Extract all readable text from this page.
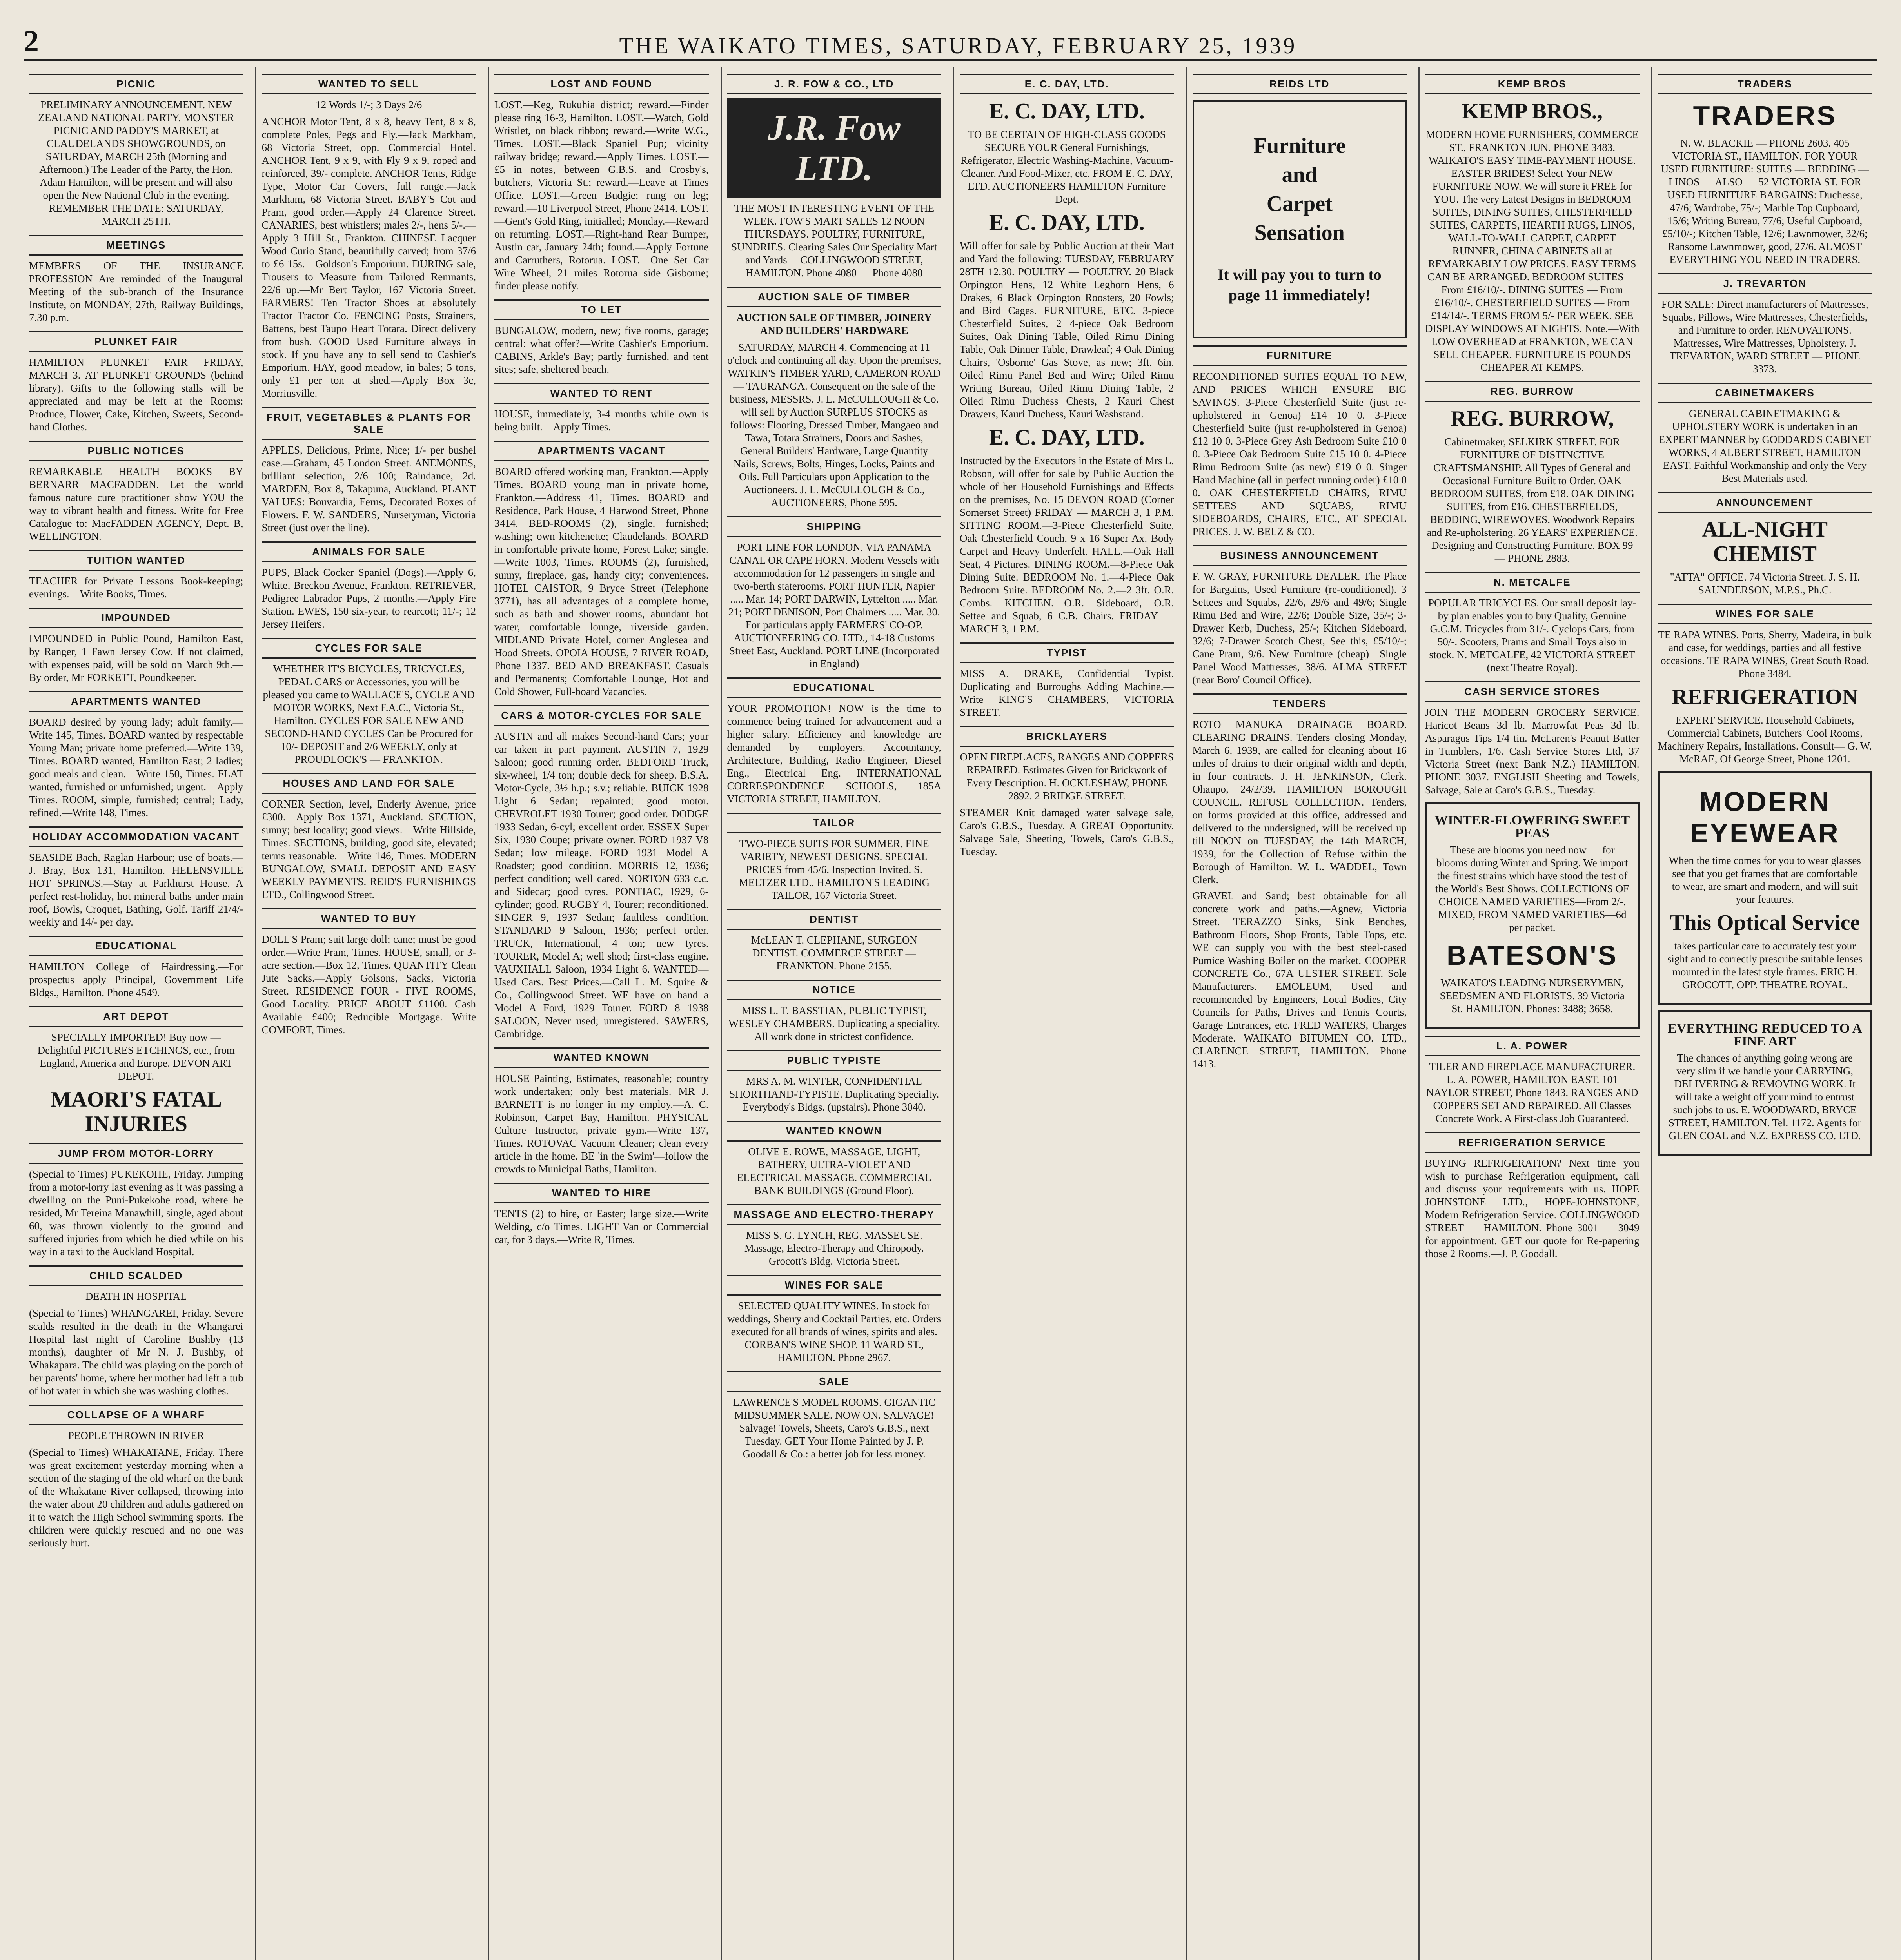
2	THE WAIKATO TIMES, SATURDAY, FEBRUARY 25, 1939
PICNIC

PRELIMINARY ANNOUNCEMENT. NEW ZEALAND NATIONAL PARTY. MONSTER PICNIC AND PADDY'S MARKET, at CLAUDELANDS SHOWGROUNDS, on SATURDAY, MARCH 25th (Morning and Afternoon.) The Leader of the Party, the Hon. Adam Hamilton, will be present and will also open the New National Club in the evening. REMEMBER THE DATE: SATURDAY, MARCH 25TH.

MEETINGS

MEMBERS OF THE INSURANCE PROFESSION Are reminded of the Inaugural Meeting of the sub-branch of the Insurance Institute, on MONDAY, 27th, Railway Buildings, 7.30 p.m.

PLUNKET FAIR

HAMILTON PLUNKET FAIR FRIDAY, MARCH 3. AT PLUNKET GROUNDS (behind library). Gifts to the following stalls will be appreciated and may be left at the Rooms: Produce, Flower, Cake, Kitchen, Sweets, Second-hand Clothes.

PUBLIC NOTICES

REMARKABLE HEALTH BOOKS BY BERNARR MACFADDEN. Let the world famous nature cure practitioner show YOU the way to vibrant health and fitness. Write for Free Catalogue to: MacFADDEN AGENCY, Dept. B, WELLINGTON.

TUITION WANTED

TEACHER for Private Lessons Book-keeping; evenings.—Write Books, Times.

IMPOUNDED

IMPOUNDED in Public Pound, Hamilton East, by Ranger, 1 Fawn Jersey Cow. If not claimed, with expenses paid, will be sold on March 9th.—By order, Mr FORKETT, Poundkeeper.

APARTMENTS WANTED

BOARD desired by young lady; adult family.—Write 145, Times. BOARD wanted by respectable Young Man; private home preferred.—Write 139, Times. BOARD wanted, Hamilton East; 2 ladies; good meals and clean.—Write 150, Times. FLAT wanted, furnished or unfurnished; urgent.—Apply Times. ROOM, simple, furnished; central; Lady, refined.—Write 148, Times.

HOLIDAY ACCOMMODATION VACANT

SEASIDE Bach, Raglan Harbour; use of boats.—J. Bray, Box 131, Hamilton. HELENSVILLE HOT SPRINGS.—Stay at Parkhurst House. A perfect rest-holiday, hot mineral baths under main roof, Bowls, Croquet, Bathing, Golf. Tariff 21/4/- weekly and 14/- per day.

EDUCATIONAL

HAMILTON College of Hairdressing.—For prospectus apply Principal, Government Life Bldgs., Hamilton. Phone 4549.

ART DEPOT

SPECIALLY IMPORTED! Buy now — Delightful PICTURES ETCHINGS, etc., from England, America and Europe. DEVON ART DEPOT.

MAORI'S FATAL INJURIES
JUMP FROM MOTOR-LORRY

(Special to Times) PUKEKOHE, Friday. Jumping from a motor-lorry last evening as it was passing a dwelling on the Puni-Pukekohe road, where he resided, Mr Tereina Manawhill, single, aged about 60, was thrown violently to the ground and suffered injuries from which he died while on his way in a taxi to the Auckland Hospital.

CHILD SCALDED
DEATH IN HOSPITAL

(Special to Times) WHANGAREI, Friday. Severe scalds resulted in the death in the Whangarei Hospital last night of Caroline Bushby (13 months), daughter of Mr N. J. Bushby, of Whakapara. The child was playing on the porch of her parents' home, where her mother had left a tub of hot water in which she was washing clothes.

COLLAPSE OF A WHARF
PEOPLE THROWN IN RIVER

(Special to Times) WHAKATANE, Friday. There was great excitement yesterday morning when a section of the staging of the old wharf on the bank of the Whakatane River collapsed, throwing into the water about 20 children and adults gathered on it to watch the High School swimming sports. The children were quickly rescued and no one was seriously hurt.

WANTED TO SELL
12 Words 1/-; 3 Days 2/6

ANCHOR Motor Tent, 8 x 8, heavy Tent, 8 x 8, complete Poles, Pegs and Fly.—Jack Markham, 68 Victoria Street, opp. Commercial Hotel. ANCHOR Tent, 9 x 9, with Fly 9 x 9, roped and reinforced, 39/- complete. ANCHOR Tents, Ridge Type, Motor Car Covers, full range.—Jack Markham, 68 Victoria Street. BABY'S Cot and Pram, good order.—Apply 24 Clarence Street. CANARIES, best whistlers; males 2/-, hens 5/-.—Apply 3 Hill St., Frankton. CHINESE Lacquer Wood Curio Stand, beautifully carved; from 37/6 to £6 15s.—Goldson's Emporium. DURING sale, Trousers to Measure from Tailored Remnants, 22/6 up.—Mr Bert Taylor, 167 Victoria Street. FARMERS! Ten Tractor Shoes at absolutely Tractor Tractor Co. FENCING Posts, Strainers, Battens, best Taupo Heart Totara. Direct delivery from bush. GOOD Used Furniture always in stock. If you have any to sell send to Cashier's Emporium. HAY, good meadow, in bales; 5 tons, only £1 per ton at shed.—Apply Box 3c, Morrinsville.

FRUIT, VEGETABLES & PLANTS FOR SALE

APPLES, Delicious, Prime, Nice; 1/- per bushel case.—Graham, 45 London Street. ANEMONES, brilliant selection, 2/6 100; Raindance, 2d. MARDEN, Box 8, Takapuna, Auckland. PLANT VALUES: Bouvardia, Ferns, Decorated Boxes of Flowers. F. W. SANDERS, Nurseryman, Victoria Street (just over the line).

ANIMALS FOR SALE

PUPS, Black Cocker Spaniel (Dogs).—Apply 6, White, Breckon Avenue, Frankton. RETRIEVER, Pedigree Labrador Pups, 2 months.—Apply Fire Station. EWES, 150 six-year, to rearcott; 11/-; 12 Jersey Heifers.

CYCLES FOR SALE

WHETHER IT'S BICYCLES, TRICYCLES, PEDAL CARS or Accessories, you will be pleased you came to WALLACE'S, CYCLE AND MOTOR WORKS, Next F.A.C., Victoria St., Hamilton. CYCLES FOR SALE NEW AND SECOND-HAND CYCLES Can be Procured for 10/- DEPOSIT and 2/6 WEEKLY, only at PROUDLOCK'S — FRANKTON.

HOUSES AND LAND FOR SALE

CORNER Section, level, Enderly Avenue, price £300.—Apply Box 1371, Auckland. SECTION, sunny; best locality; good views.—Write Hillside, Times. SECTIONS, building, good site, elevated; terms reasonable.—Write 146, Times. MODERN BUNGALOW, SMALL DEPOSIT AND EASY WEEKLY PAYMENTS. REID'S FURNISHINGS LTD., Collingwood Street.

WANTED TO BUY

DOLL'S Pram; suit large doll; cane; must be good order.—Write Pram, Times. HOUSE, small, or 3-acre section.—Box 12, Times. QUANTITY Clean Jute Sacks.—Apply Golsons, Sacks, Victoria Street. RESIDENCE FOUR - FIVE ROOMS, Good Locality. PRICE ABOUT £1100. Cash Available £400; Reducible Mortgage. Write COMFORT, Times.

LOST AND FOUND

LOST.—Keg, Rukuhia district; reward.—Finder please ring 16-3, Hamilton. LOST.—Watch, Gold Wristlet, on black ribbon; reward.—Write W.G., Times. LOST.—Black Spaniel Pup; vicinity railway bridge; reward.—Apply Times. LOST.—£5 in notes, between G.B.S. and Crosby's, butchers, Victoria St.; reward.—Leave at Times Office. LOST.—Green Budgie; rung on leg; reward.—10 Liverpool Street, Phone 2414. LOST.—Gent's Gold Ring, initialled; Monday.—Reward on returning. LOST.—Right-hand Rear Bumper, Austin car, January 24th; found.—Apply Fortune and Carruthers, Rotorua. LOST.—One Set Car Wire Wheel, 21 miles Rotorua side Gisborne; finder please notify.

TO LET

BUNGALOW, modern, new; five rooms, garage; central; what offer?—Write Cashier's Emporium. CABINS, Arkle's Bay; partly furnished, and tent sites; safe, sheltered beach.

WANTED TO RENT

HOUSE, immediately, 3-4 months while own is being built.—Apply Times.

APARTMENTS VACANT

BOARD offered working man, Frankton.—Apply Times. BOARD young man in private home, Frankton.—Address 41, Times. BOARD and Residence, Park House, 4 Harwood Street, Phone 3414. BED-ROOMS (2), single, furnished; washing; own kitchenette; Claudelands. BOARD in comfortable private home, Forest Lake; single.—Write 1003, Times. ROOMS (2), furnished, sunny, fireplace, gas, handy city; conveniences. HOTEL CAISTOR, 9 Bryce Street (Telephone 3771), has all advantages of a complete home, such as bath and shower rooms, abundant hot water, comfortable lounge, riverside garden. MIDLAND Private Hotel, corner Anglesea and Hood Streets. OPOIA HOUSE, 7 RIVER ROAD, Phone 1337. BED AND BREAKFAST. Casuals and Permanents; Comfortable Lounge, Hot and Cold Shower, Full-board Vacancies.

CARS & MOTOR-CYCLES FOR SALE

AUSTIN and all makes Second-hand Cars; your car taken in part payment. AUSTIN 7, 1929 Saloon; good running order. BEDFORD Truck, six-wheel, 1/4 ton; double deck for sheep. B.S.A. Motor-Cycle, 3½ h.p.; s.v.; reliable. BUICK 1928 Light 6 Sedan; repainted; good motor. CHEVROLET 1930 Tourer; good order. DODGE 1933 Sedan, 6-cyl; excellent order. ESSEX Super Six, 1930 Coupe; private owner. FORD 1937 V8 Sedan; low mileage. FORD 1931 Model A Roadster; good condition. MORRIS 12, 1936; perfect condition; well cared. NORTON 633 c.c. and Sidecar; good tyres. PONTIAC, 1929, 6-cylinder; good. RUGBY 4, Tourer; reconditioned. SINGER 9, 1937 Sedan; faultless condition. STANDARD 9 Saloon, 1936; perfect order. TRUCK, International, 4 ton; new tyres. TOURER, Model A; well shod; first-class engine. VAUXHALL Saloon, 1934 Light 6. WANTED—Used Cars. Best Prices.—Call L. M. Squire & Co., Collingwood Street. WE have on hand a Model A Ford, 1929 Tourer. FORD 8 1938 SALOON, Never used; unregistered. SAWERS, Cambridge.

WANTED KNOWN

HOUSE Painting, Estimates, reasonable; country work undertaken; only best materials. MR J. BARNETT is no longer in my employ.—A. C. Robinson, Carpet Bay, Hamilton. PHYSICAL Culture Instructor, private gym.—Write 137, Times. ROTOVAC Vacuum Cleaner; clean every article in the home. BE 'in the Swim'—follow the crowds to Municipal Baths, Hamilton.

WANTED TO HIRE

TENTS (2) to hire, or Easter; large size.—Write Welding, c/o Times. LIGHT Van or Commercial car, for 3 days.—Write R, Times.

J. R. FOW & CO., LTD
J.R. Fow LTD.

THE MOST INTERESTING EVENT OF THE WEEK. FOW'S MART SALES 12 NOON THURSDAYS. POULTRY, FURNITURE, SUNDRIES. Clearing Sales Our Speciality Mart and Yards— COLLINGWOOD STREET, HAMILTON. Phone 4080 — Phone 4080

AUCTION SALE OF TIMBER
AUCTION SALE OF TIMBER, JOINERY AND BUILDERS' HARDWARE

SATURDAY, MARCH 4, Commencing at 11 o'clock and continuing all day. Upon the premises, WATKIN'S TIMBER YARD, CAMERON ROAD — TAURANGA. Consequent on the sale of the business, MESSRS. J. L. McCULLOUGH & Co. will sell by Auction SURPLUS STOCKS as follows: Flooring, Dressed Timber, Mangaeo and Tawa, Totara Strainers, Doors and Sashes, General Builders' Hardware, Large Quantity Nails, Screws, Bolts, Hinges, Locks, Paints and Oils. Full Particulars upon Application to the Auctioneers. J. L. McCULLOUGH & Co., AUCTIONEERS, Phone 595.

SHIPPING

PORT LINE FOR LONDON, VIA PANAMA CANAL OR CAPE HORN. Modern Vessels with accommodation for 12 passengers in single and two-berth staterooms. PORT HUNTER, Napier ..... Mar. 14; PORT DARWIN, Lyttelton ..... Mar. 21; PORT DENISON, Port Chalmers ..... Mar. 30. For particulars apply FARMERS' CO-OP. AUCTIONEERING CO. LTD., 14-18 Customs Street East, Auckland. PORT LINE (Incorporated in England)

EDUCATIONAL

YOUR PROMOTION! NOW is the time to commence being trained for advancement and a higher salary. Efficiency and knowledge are demanded by employers. Accountancy, Architecture, Building, Radio Engineer, Diesel Eng., Electrical Eng. INTERNATIONAL CORRESPONDENCE SCHOOLS, 185A VICTORIA STREET, HAMILTON.

TAILOR

TWO-PIECE SUITS FOR SUMMER. FINE VARIETY, NEWEST DESIGNS. SPECIAL PRICES from 45/6. Inspection Invited. S. MELTZER LTD., HAMILTON'S LEADING TAILOR, 167 Victoria Street.

DENTIST

McLEAN T. CLEPHANE, SURGEON DENTIST. COMMERCE STREET — FRANKTON. Phone 2155.

NOTICE

MISS L. T. BASSTIAN, PUBLIC TYPIST, WESLEY CHAMBERS. Duplicating a speciality. All work done in strictest confidence.

PUBLIC TYPISTE

MRS A. M. WINTER, CONFIDENTIAL SHORTHAND-TYPISTE. Duplicating Specialty. Everybody's Bldgs. (upstairs). Phone 3040.

WANTED KNOWN

OLIVE E. ROWE, MASSAGE, LIGHT, BATHERY, ULTRA-VIOLET AND ELECTRICAL MASSAGE. COMMERCIAL BANK BUILDINGS (Ground Floor).

MASSAGE AND ELECTRO-THERAPY

MISS S. G. LYNCH, REG. MASSEUSE. Massage, Electro-Therapy and Chiropody. Grocott's Bldg. Victoria Street.

WINES FOR SALE

SELECTED QUALITY WINES. In stock for weddings, Sherry and Cocktail Parties, etc. Orders executed for all brands of wines, spirits and ales. CORBAN'S WINE SHOP. 11 WARD ST., HAMILTON. Phone 2967.

SALE

LAWRENCE'S MODEL ROOMS. GIGANTIC MIDSUMMER SALE. NOW ON. SALVAGE! Salvage! Towels, Sheets, Caro's G.B.S., next Tuesday. GET Your Home Painted by J. P. Goodall & Co.: a better job for less money.

E. C. DAY, LTD.
E. C. DAY, LTD.

TO BE CERTAIN OF HIGH-CLASS GOODS SECURE YOUR General Furnishings, Refrigerator, Electric Washing-Machine, Vacuum-Cleaner, And Food-Mixer, etc. FROM E. C. DAY, LTD. AUCTIONEERS HAMILTON Furniture Dept.

E. C. DAY, LTD.

Will offer for sale by Public Auction at their Mart and Yard the following: TUESDAY, FEBRUARY 28TH 12.30. POULTRY — POULTRY. 20 Black Orpington Hens, 12 White Leghorn Hens, 6 Drakes, 6 Black Orpington Roosters, 20 Fowls; and Bird Cages. FURNITURE, ETC. 3-piece Chesterfield Suites, 2 4-piece Oak Bedroom Suites, Oak Dining Table, Oiled Rimu Dining Table, Oak Dinner Table, Drawleaf; 4 Oak Dining Chairs, 'Osborne' Gas Stove, as new; 3ft. 6in. Oiled Rimu Panel Bed and Wire; Oiled Rimu Writing Bureau, Oiled Rimu Dining Table, 2 Oiled Rimu Duchess Chests, 2 Kauri Chest Drawers, Kauri Duchess, Kauri Washstand.

E. C. DAY, LTD.

Instructed by the Executors in the Estate of Mrs L. Robson, will offer for sale by Public Auction the whole of her Household Furnishings and Effects on the premises, No. 15 DEVON ROAD (Corner Somerset Street) FRIDAY — MARCH 3, 1 P.M. SITTING ROOM.—3-Piece Chesterfield Suite, Oak Chesterfield Couch, 9 x 16 Super Ax. Body Carpet and Heavy Underfelt. HALL.—Oak Hall Seat, 4 Pictures. DINING ROOM.—8-Piece Oak Dining Suite. BEDROOM No. 1.—4-Piece Oak Bedroom Suite. BEDROOM No. 2.—2 3ft. O.R. Combs. KITCHEN.—O.R. Sideboard, O.R. Settee and Squab, 6 C.B. Chairs. FRIDAY — MARCH 3, 1 P.M.

TYPIST

MISS A. DRAKE, Confidential Typist. Duplicating and Burroughs Adding Machine.—Write KING'S CHAMBERS, VICTORIA STREET.

BRICKLAYERS

OPEN FIREPLACES, RANGES AND COPPERS REPAIRED. Estimates Given for Brickwork of Every Description. H. OCKLESHAW, PHONE 2892. 2 BRIDGE STREET.

STEAMER Knit damaged water salvage sale, Caro's G.B.S., Tuesday. A GREAT Opportunity. Salvage Sale, Sheeting, Towels, Caro's G.B.S., Tuesday.

REIDS LTD
Furniture
and
Carpet
Sensation
It will pay you to turn to page 11 immediately!
FURNITURE

RECONDITIONED SUITES EQUAL TO NEW, AND PRICES WHICH ENSURE BIG SAVINGS. 3-Piece Chesterfield Suite (just re-upholstered in Genoa) £14 10 0. 3-Piece Chesterfield Suite (just re-upholstered in Genoa) £12 10 0. 3-Piece Grey Ash Bedroom Suite £10 0 0. 3-Piece Oak Bedroom Suite £15 10 0. 4-Piece Rimu Bedroom Suite (as new) £19 0 0. Singer Hand Machine (all in perfect running order) £10 0 0. OAK CHESTERFIELD CHAIRS, RIMU SETTEES AND SQUABS, RIMU SIDEBOARDS, CHAIRS, ETC., AT SPECIAL PRICES. J. W. BELZ & CO.

BUSINESS ANNOUNCEMENT

F. W. GRAY, FURNITURE DEALER. The Place for Bargains, Used Furniture (re-conditioned). 3 Settees and Squabs, 22/6, 29/6 and 49/6; Single Rimu Bed and Wire, 22/6; Double Size, 35/-; 3-Drawer Kerb, Duchess, 25/-; Kitchen Sideboard, 32/6; 7-Drawer Scotch Chest, See this, £5/10/-; Cane Pram, 9/6. New Furniture (cheap)—Single Panel Wood Mattresses, 38/6. ALMA STREET (near Boro' Council Office).

TENDERS

ROTO MANUKA DRAINAGE BOARD. CLEARING DRAINS. Tenders closing Monday, March 6, 1939, are called for cleaning about 16 miles of drains to their original width and depth, in four contracts. J. H. JENKINSON, Clerk. Ohaupo, 24/2/39. HAMILTON BOROUGH COUNCIL. REFUSE COLLECTION. Tenders, on forms provided at this office, addressed and delivered to the undersigned, will be received up till NOON on TUESDAY, the 14th MARCH, 1939, for the Collection of Refuse within the Borough of Hamilton. W. L. WADDEL, Town Clerk.

GRAVEL and Sand; best obtainable for all concrete work and paths.—Agnew, Victoria Street. TERAZZO Sinks, Sink Benches, Bathroom Floors, Shop Fronts, Table Tops, etc. WE can supply you with the best steel-cased Pumice Washing Boiler on the market. COOPER CONCRETE Co., 67A ULSTER STREET, Sole Manufacturers. EMOLEUM, Used and recommended by Engineers, Local Bodies, City Councils for Paths, Drives and Tennis Courts, Garage Entrances, etc. FRED WATERS, Charges Moderate. WAIKATO BITUMEN CO. LTD., CLARENCE STREET, HAMILTON. Phone 1413.

KEMP BROS
KEMP BROS.,

MODERN HOME FURNISHERS, COMMERCE ST., FRANKTON JUN. PHONE 3483. WAIKATO'S EASY TIME-PAYMENT HOUSE. EASTER BRIDES! Select Your NEW FURNITURE NOW. We will store it FREE for YOU. The very Latest Designs in BEDROOM SUITES, DINING SUITES, CHESTERFIELD SUITES, CARPETS, HEARTH RUGS, LINOS, WALL-TO-WALL CARPET, CARPET RUNNER, CHINA CABINETS all at REMARKABLY LOW PRICES. EASY TERMS CAN BE ARRANGED. BEDROOM SUITES — From £16/10/-. DINING SUITES — From £16/10/-. CHESTERFIELD SUITES — From £14/14/-. TERMS FROM 5/- PER WEEK. SEE DISPLAY WINDOWS AT NIGHTS. Note.—With LOW OVERHEAD at FRANKTON, WE CAN SELL CHEAPER. FURNITURE IS POUNDS CHEAPER AT KEMPS.

REG. BURROW
REG. BURROW,

Cabinetmaker, SELKIRK STREET. FOR FURNITURE OF DISTINCTIVE CRAFTSMANSHIP. All Types of General and Occasional Furniture Built to Order. OAK BEDROOM SUITES, from £18. OAK DINING SUITES, from £16. CHESTERFIELDS, BEDDING, WIREWOVES. Woodwork Repairs and Re-upholstering. 26 YEARS' EXPERIENCE. Designing and Constructing Furniture. BOX 99 — PHONE 2883.

N. METCALFE

POPULAR TRICYCLES. Our small deposit lay-by plan enables you to buy Quality, Genuine G.C.M. Tricycles from 31/-. Cyclops Cars, from 50/-. Scooters, Prams and Small Toys also in stock. N. METCALFE, 42 VICTORIA STREET (next Theatre Royal).

CASH SERVICE STORES

JOIN THE MODERN GROCERY SERVICE. Haricot Beans 3d lb. Marrowfat Peas 3d lb. Asparagus Tips 1/4 tin. McLaren's Peanut Butter in Tumblers, 1/6. Cash Service Stores Ltd, 37 Victoria Street (next Bank N.Z.) HAMILTON. PHONE 3037. ENGLISH Sheeting and Towels, Salvage, Sale at Caro's G.B.S., Tuesday.

WINTER-FLOWERING SWEET PEAS

These are blooms you need now — for blooms during Winter and Spring. We import the finest strains which have stood the test of the World's Best Shows. COLLECTIONS OF CHOICE NAMED VARIETIES—From 2/-. MIXED, FROM NAMED VARIETIES—6d per packet.

BATESON'S

WAIKATO'S LEADING NURSERYMEN, SEEDSMEN AND FLORISTS. 39 Victoria St. HAMILTON. Phones: 3488; 3658.

L. A. POWER

TILER AND FIREPLACE MANUFACTURER. L. A. POWER, HAMILTON EAST. 101 NAYLOR STREET, Phone 1843. RANGES AND COPPERS SET AND REPAIRED. All Classes Concrete Work. A First-class Job Guaranteed.

REFRIGERATION SERVICE

BUYING REFRIGERATION? Next time you wish to purchase Refrigeration equipment, call and discuss your requirements with us. HOPE JOHNSTONE LTD., HOPE-JOHNSTONE, Modern Refrigeration Service. COLLINGWOOD STREET — HAMILTON. Phone 3001 — 3049 for appointment. GET our quote for Re-papering those 2 Rooms.—J. P. Goodall.

TRADERS
TRADERS

N. W. BLACKIE — PHONE 2603. 405 VICTORIA ST., HAMILTON. FOR YOUR USED FURNITURE: SUITES — BEDDING — LINOS — ALSO — 52 VICTORIA ST. FOR USED FURNITURE BARGAINS: Duchesse, 47/6; Wardrobe, 75/-; Marble Top Cupboard, 15/6; Writing Bureau, 77/6; Useful Cupboard, £5/10/-; Kitchen Table, 12/6; Lawnmower, 32/6; Ransome Lawnmower, good, 27/6. ALMOST EVERYTHING YOU NEED IN TRADERS.

J. TREVARTON

FOR SALE: Direct manufacturers of Mattresses, Squabs, Pillows, Wire Mattresses, Chesterfields, and Furniture to order. RENOVATIONS. Mattresses, Wire Mattresses, Upholstery. J. TREVARTON, WARD STREET — PHONE 3373.

CABINETMAKERS

GENERAL CABINETMAKING & UPHOLSTERY WORK is undertaken in an EXPERT MANNER by GODDARD'S CABINET WORKS, 4 ALBERT STREET, HAMILTON EAST. Faithful Workmanship and only the Very Best Materials used.

ANNOUNCEMENT
ALL-NIGHT CHEMIST

"ATTA" OFFICE. 74 Victoria Street. J. S. H. SAUNDERSON, M.P.S., Ph.C.

WINES FOR SALE

TE RAPA WINES. Ports, Sherry, Madeira, in bulk and case, for weddings, parties and all festive occasions. TE RAPA WINES, Great South Road. Phone 3484.

REFRIGERATION

EXPERT SERVICE. Household Cabinets, Commercial Cabinets, Butchers' Cool Rooms, Machinery Repairs, Installations. Consult— G. W. McRAE, Of George Street, Phone 1201.

MODERN EYEWEAR

When the time comes for you to wear glasses see that you get frames that are comfortable to wear, are smart and modern, and will suit your features.

This Optical Service

takes particular care to accurately test your sight and to correctly prescribe suitable lenses mounted in the latest style frames. ERIC H. GROCOTT, OPP. THEATRE ROYAL.

EVERYTHING REDUCED TO A FINE ART

The chances of anything going wrong are very slim if we handle your CARRYING, DELIVERING & REMOVING WORK. It will take a weight off your mind to entrust such jobs to us. E. WOODWARD, BRYCE STREET, HAMILTON. Tel. 1172. Agents for GLEN COAL and N.Z. EXPRESS CO. LTD.
